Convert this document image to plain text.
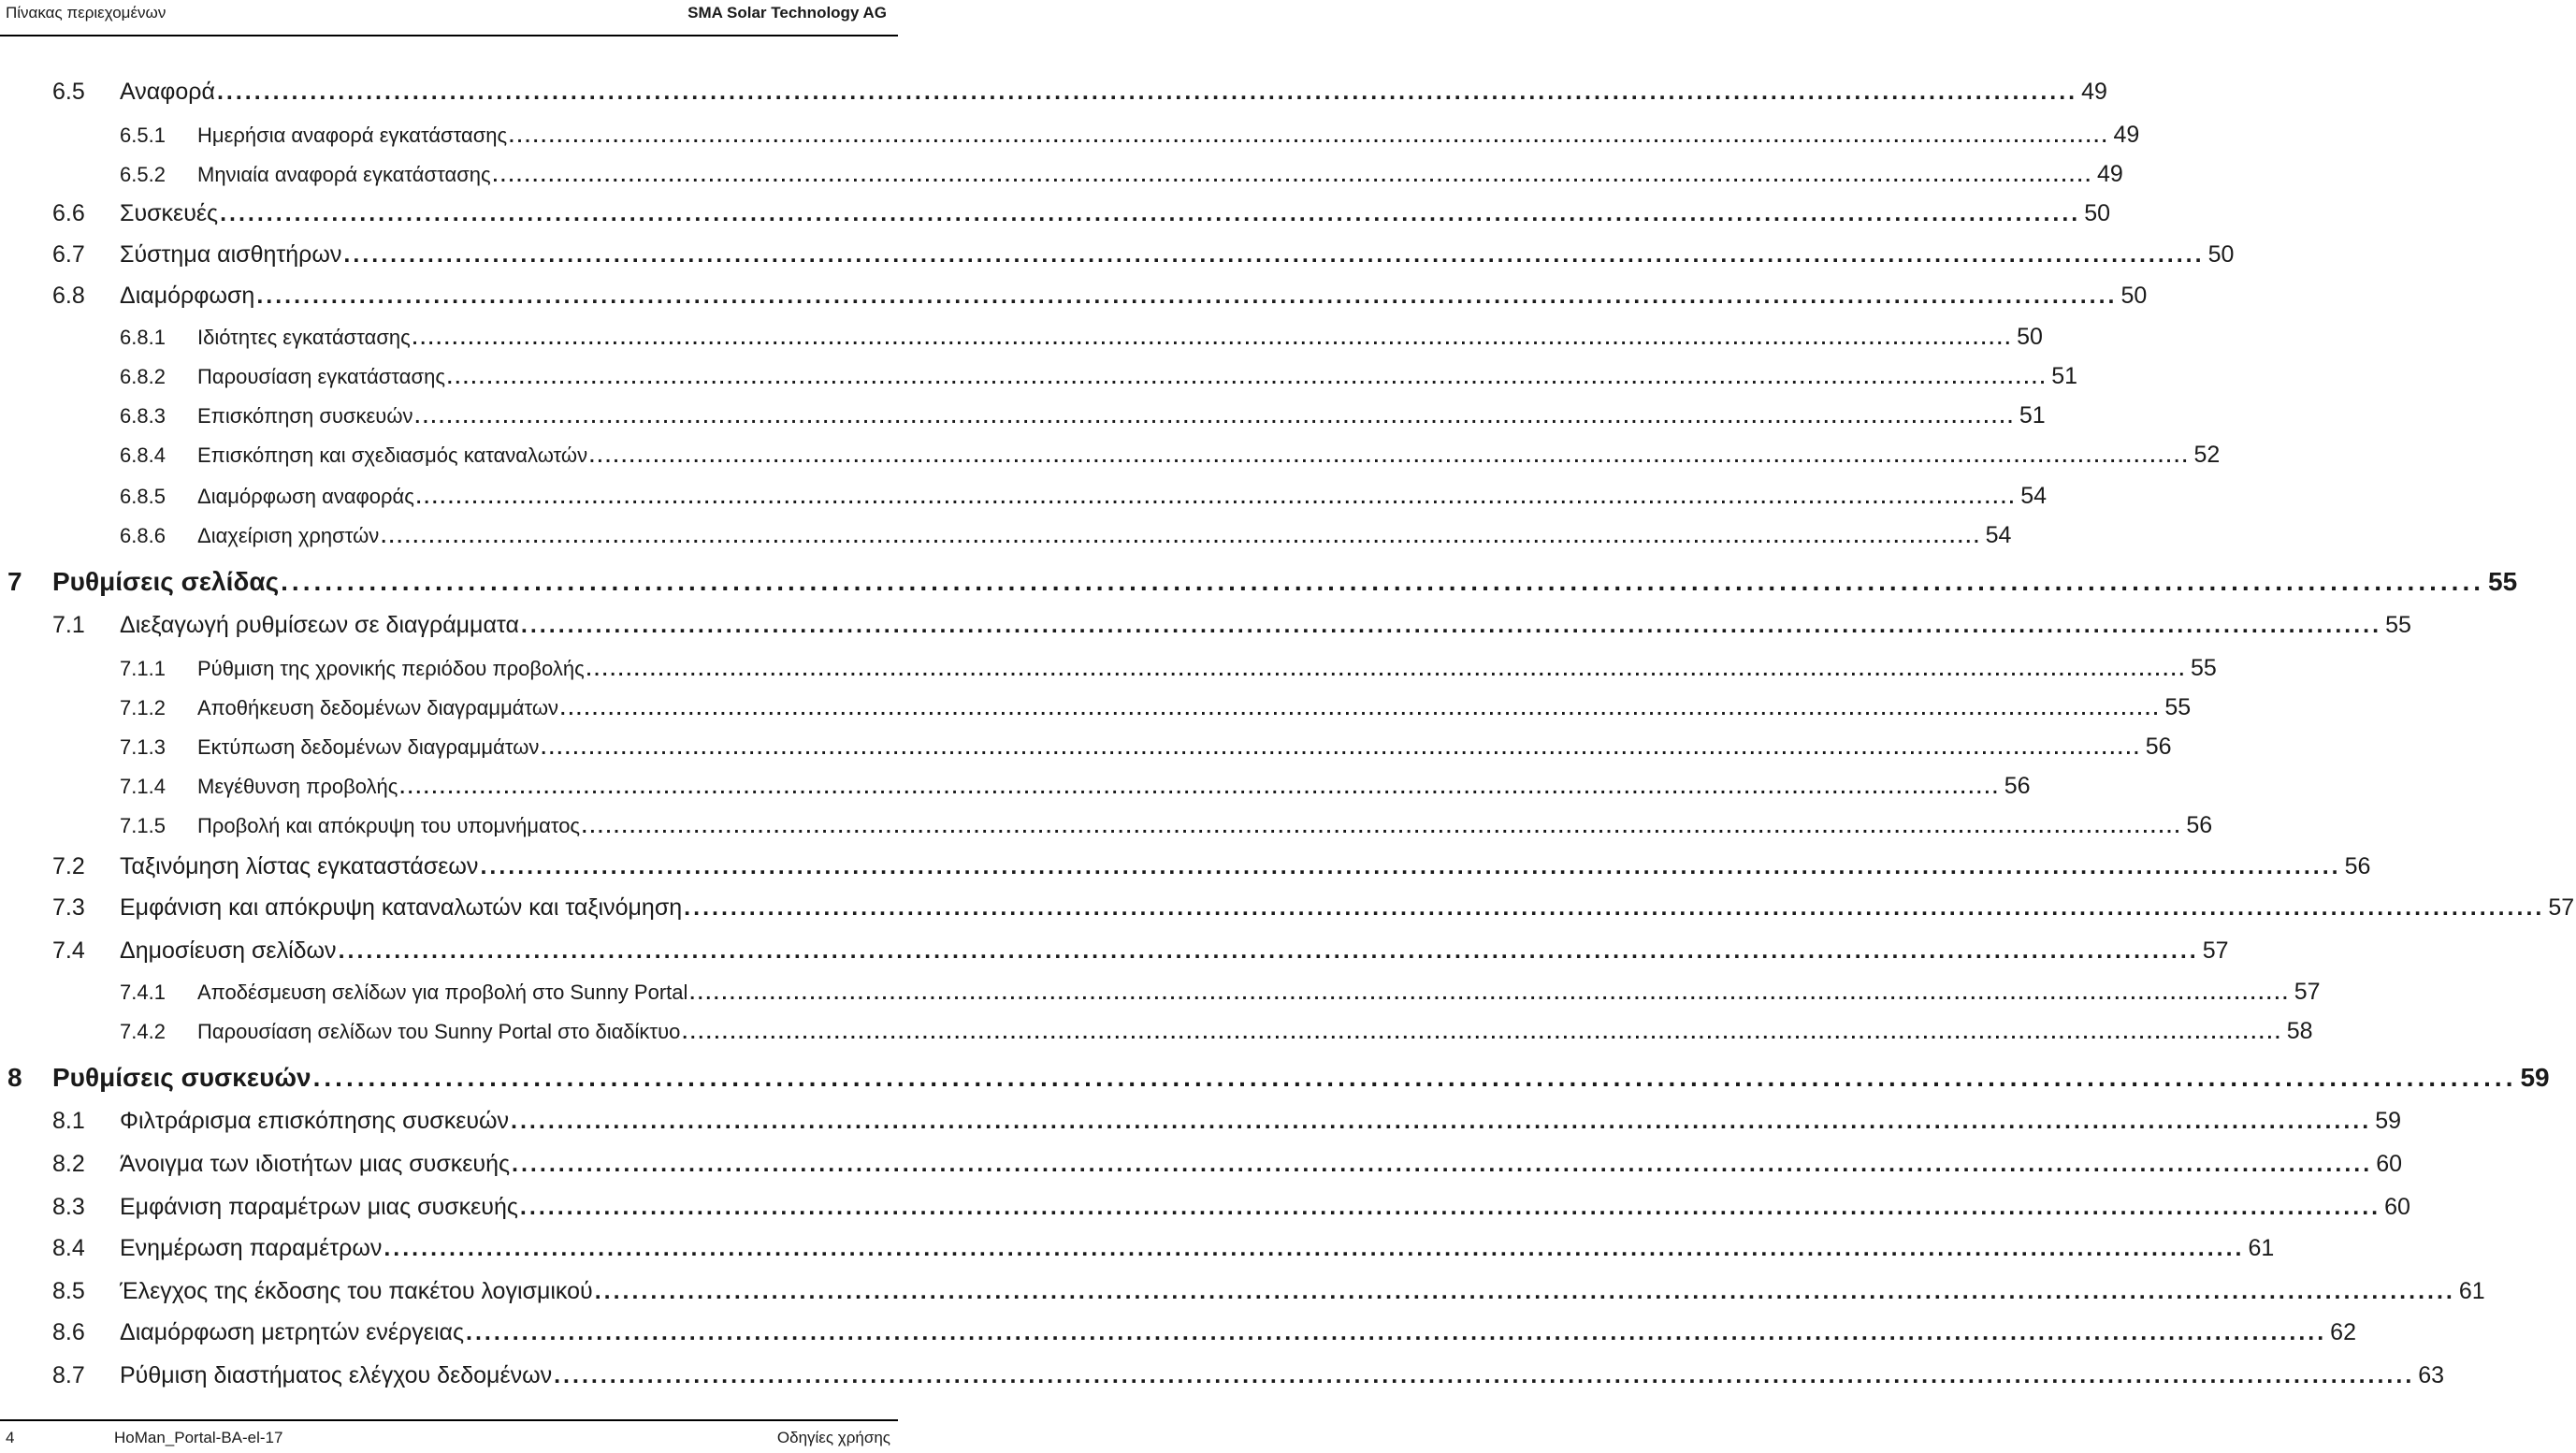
Πίνακας περιεχομένων	SMA Solar Technology AG
6.5	Αναφορά ........................................................................................................................................................................................................ 49
6.5.1	Ημερήσια αναφορά εγκατάστασης ........................................................................................................................................................................................................ 49
6.5.2	Μηνιαία αναφορά εγκατάστασης ........................................................................................................................................................................................................ 49
6.6	Συσκευές ........................................................................................................................................................................................................ 50
6.7	Σύστημα αισθητήρων ........................................................................................................................................................................................................ 50
6.8	Διαμόρφωση ........................................................................................................................................................................................................ 50
6.8.1	Ιδιότητες εγκατάστασης ........................................................................................................................................................................................................ 50
6.8.2	Παρουσίαση εγκατάστασης ........................................................................................................................................................................................................ 51
6.8.3	Επισκόπηση συσκευών ........................................................................................................................................................................................................ 51
6.8.4	Επισκόπηση και σχεδιασμός καταναλωτών ........................................................................................................................................................................................................ 52
6.8.5	Διαμόρφωση αναφοράς ........................................................................................................................................................................................................ 54
6.8.6	Διαχείριση χρηστών ........................................................................................................................................................................................................ 54
7	Ρυθμίσεις σελίδας ........................................................................................................................................................................................................ 55
7.1	Διεξαγωγή ρυθμίσεων σε διαγράμματα ........................................................................................................................................................................................................ 55
7.1.1	Ρύθμιση της χρονικής περιόδου προβολής ........................................................................................................................................................................................................ 55
7.1.2	Αποθήκευση δεδομένων διαγραμμάτων ........................................................................................................................................................................................................ 55
7.1.3	Εκτύπωση δεδομένων διαγραμμάτων ........................................................................................................................................................................................................ 56
7.1.4	Μεγέθυνση προβολής ........................................................................................................................................................................................................ 56
7.1.5	Προβολή και απόκρυψη του υπομνήματος ........................................................................................................................................................................................................ 56
7.2	Ταξινόμηση λίστας εγκαταστάσεων ........................................................................................................................................................................................................ 56
7.3	Εμφάνιση και απόκρυψη καταναλωτών και ταξινόμηση ........................................................................................................................................................................................................ 57
7.4	Δημοσίευση σελίδων ........................................................................................................................................................................................................ 57
7.4.1	Αποδέσμευση σελίδων για προβολή στο Sunny Portal ........................................................................................................................................................................................................ 57
7.4.2	Παρουσίαση σελίδων του Sunny Portal στο διαδίκτυο ........................................................................................................................................................................................................ 58
8	Ρυθμίσεις συσκευών ........................................................................................................................................................................................................ 59
8.1	Φιλτράρισμα επισκόπησης συσκευών ........................................................................................................................................................................................................ 59
8.2	Άνοιγμα των ιδιοτήτων μιας συσκευής ........................................................................................................................................................................................................ 60
8.3	Εμφάνιση παραμέτρων μιας συσκευής ........................................................................................................................................................................................................ 60
8.4	Ενημέρωση παραμέτρων ........................................................................................................................................................................................................ 61
8.5	Έλεγχος της έκδοσης του πακέτου λογισμικού ........................................................................................................................................................................................................ 61
8.6	Διαμόρφωση μετρητών ενέργειας ........................................................................................................................................................................................................ 62
8.7	Ρύθμιση διαστήματος ελέγχου δεδομένων ........................................................................................................................................................................................................ 63
4	HoMan_Portal-BA-el-17	Οδηγίες χρήσης
